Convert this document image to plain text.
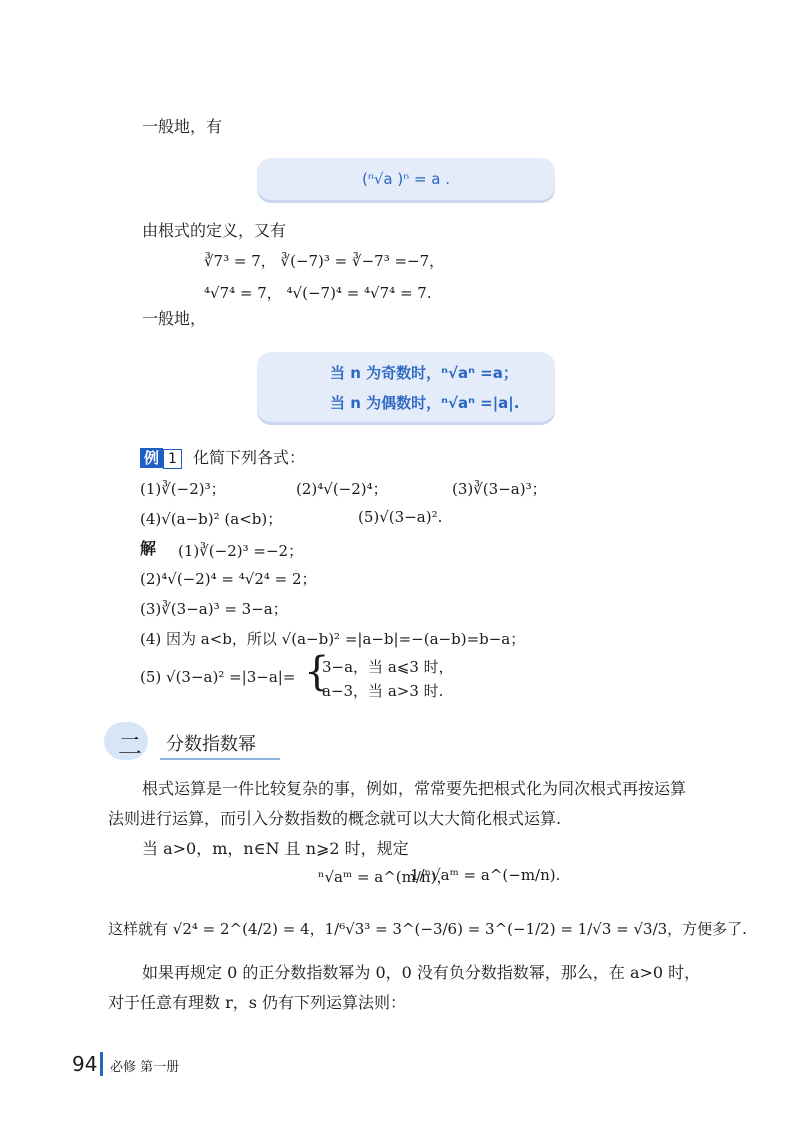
一般地，有
(ⁿ√a )ⁿ = a .
由根式的定义，又有
∛7³ = 7， ∛(−7)³ = ∛−7³ =−7，
⁴√7⁴ = 7， ⁴√(−7)⁴ = ⁴√7⁴ = 7.
一般地，
当 n 为奇数时，ⁿ√aⁿ =a；
当 n 为偶数时，ⁿ√aⁿ =|a|.
例 1 化简下列各式：
(1)∛(−2)³；	(2)⁴√(−2)⁴；	(3)∛(3−a)³；
(4)√(a−b)² (a<b)；	(5)√(3−a)².
解 (1)∛(−2)³ =−2；
(2)⁴√(−2)⁴ = ⁴√2⁴ = 2；
(3)∛(3−a)³ = 3−a；
(4) 因为 a<b，所以 √(a−b)² =|a−b|=−(a−b)=b−a；
(5) √(3−a)² =|3−a|= {
3−a，当 a⩽3 时，
a−3，当 a>3 时.
二 分数指数幂
根式运算是一件比较复杂的事，例如，常常要先把根式化为同次根式再按运算
法则进行运算，而引入分数指数的概念就可以大大简化根式运算.
当 a>0，m，n∈N 且 n⩾2 时，规定
ⁿ√aᵐ = a^(m/n)，
1/ⁿ√aᵐ = a^(−m/n).
这样就有 √2⁴ = 2^(4/2) = 4，1/⁶√3³ = 3^(−3/6) = 3^(−1/2) = 1/√3 = √3/3，方便多了.
如果再规定 0 的正分数指数幂为 0，0 没有负分数指数幂，那么，在 a>0 时，
对于任意有理数 r，s 仍有下列运算法则：
94 必修 第一册
